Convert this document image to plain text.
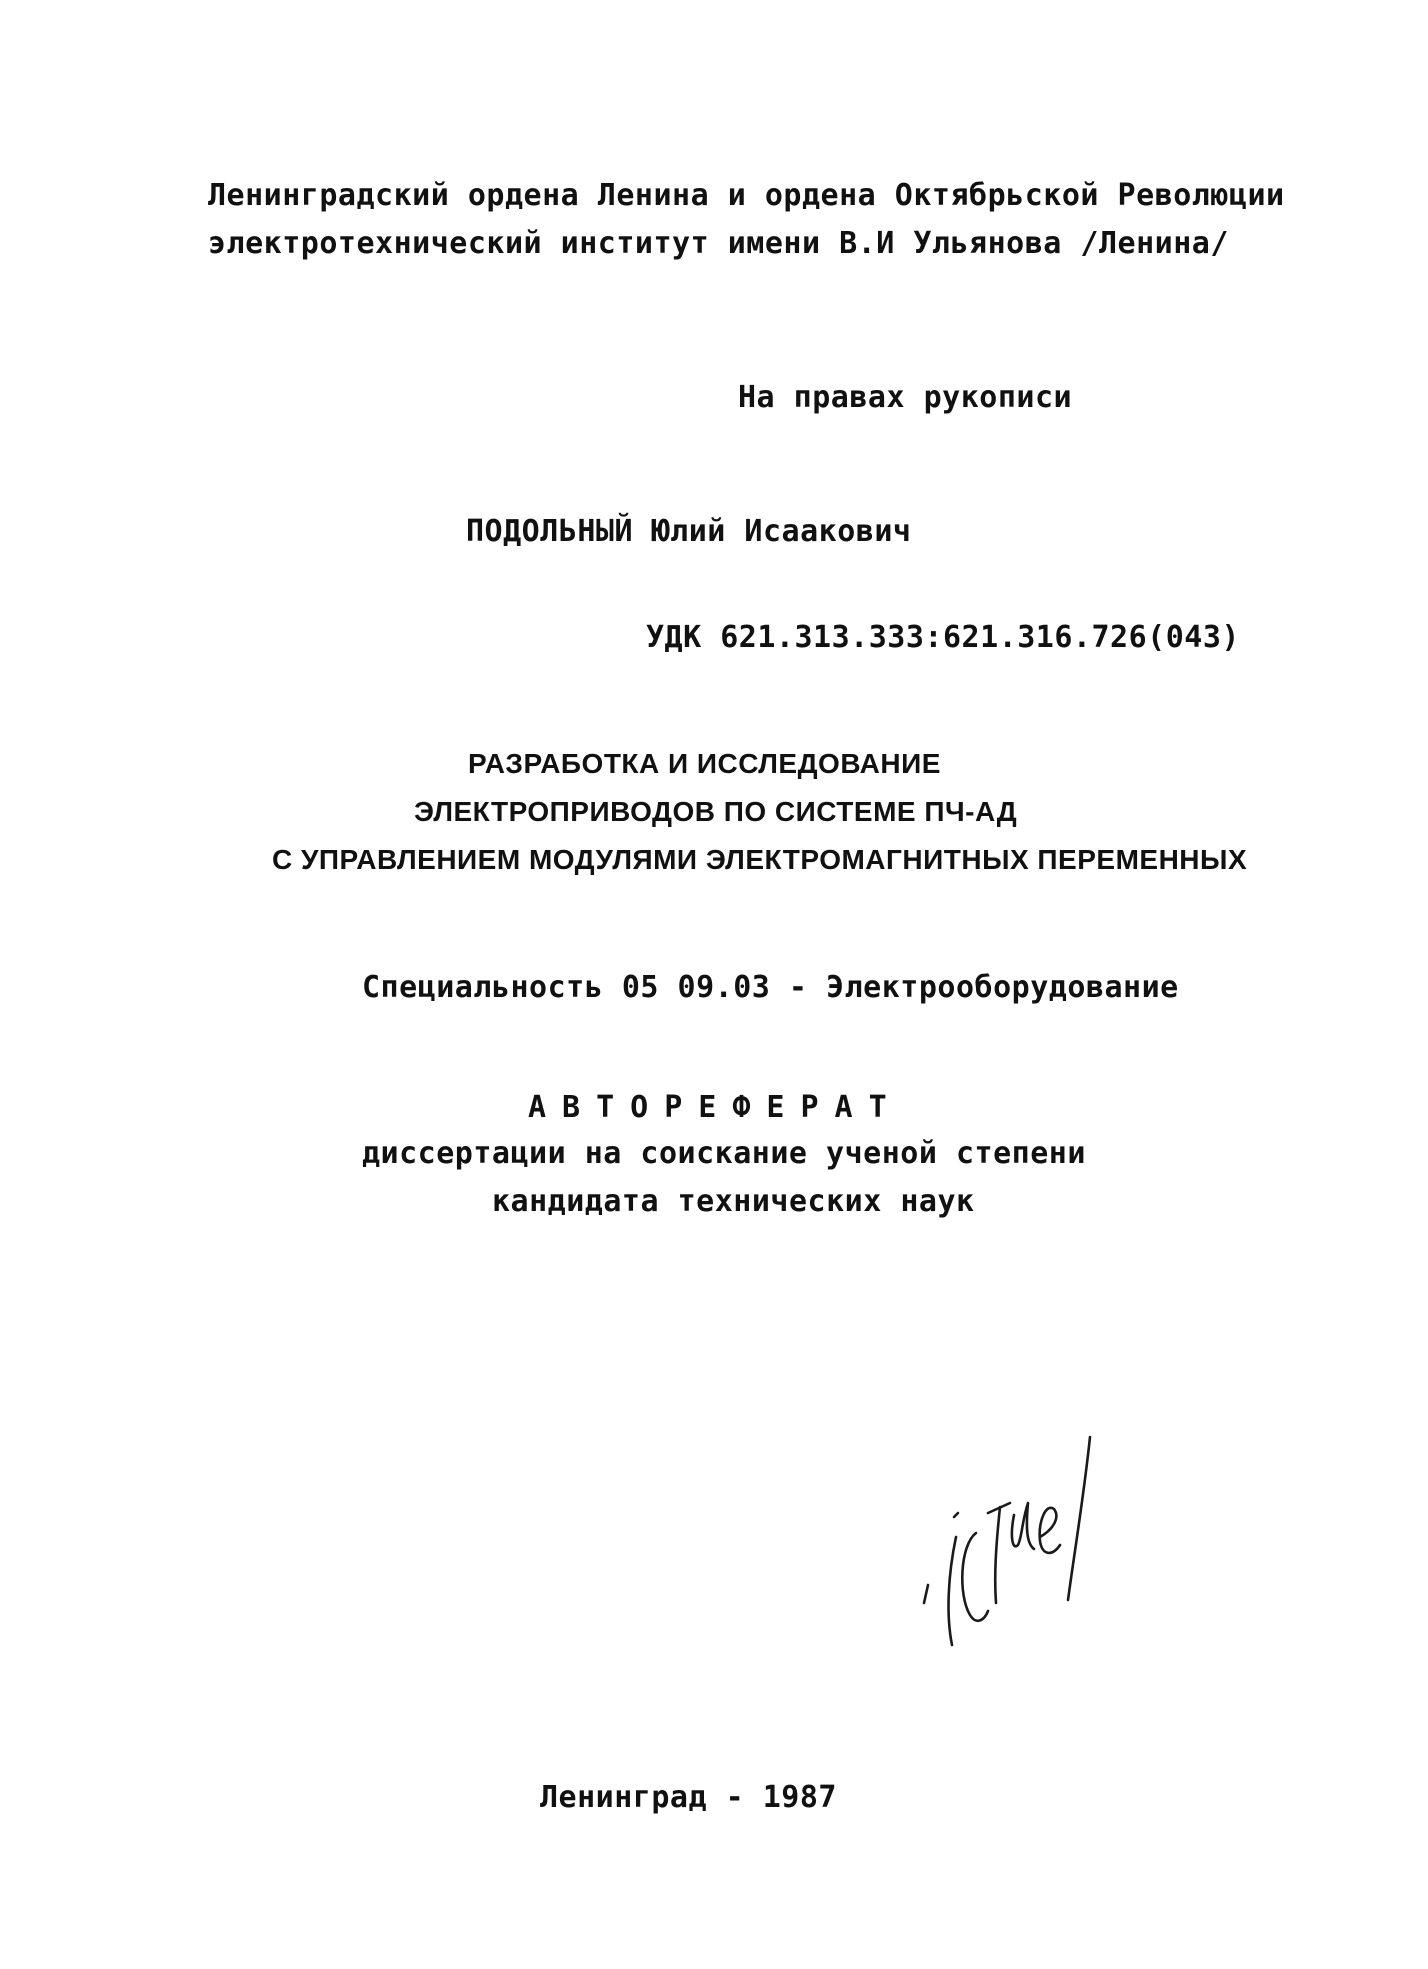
Ленинградский ордена Ленина и ордена Октябрьской Революции
электротехнический институт имени В.И Ульянова /Ленина/
На правах рукописи
ПОДОЛЬНЫЙ Юлий Исаакович
УДК 621.313.333:621.316.726(043)
РАЗРАБОТКА И ИССЛЕДОВАНИЕ
ЭЛЕКТРОПРИВОДОВ ПО СИСТЕМЕ ПЧ-АД
С УПРАВЛЕНИЕМ МОДУЛЯМИ ЭЛЕКТРОМАГНИТНЫХ ПЕРЕМЕННЫХ
Специальность 05 09.03 - Электрооборудование
АВТОРЕФЕРАТ
диссертации на соискание ученой степени
кандидата технических наук
Ленинград - 1987
